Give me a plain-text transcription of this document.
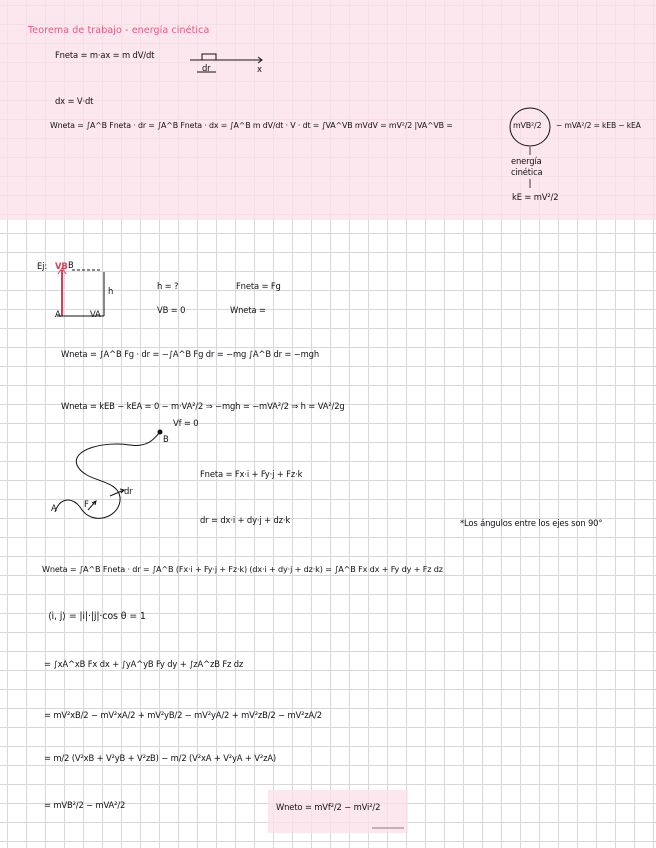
Teorema de trabajo - energía cinética
Fneta = m·ax = m dV/dt
dr	x
dx = V·dt
Wneta = ∫A^B Fneta · dr = ∫A^B Fneta · dx = ∫A^B m dV/dt · V · dt = ∫VA^VB mVdV = mV²/2 |VA^VB =	mVB²/2 − mVA²/2 = kEB − kEA
energía
cinética
kE = mV²/2
Ej: VB B
A
h
VA
h = ?
VB = 0
Fneta = Fg
Wneta =
Wneta = ∫A^B Fg · dr = −∫A^B Fg dr = −mg ∫A^B dr = −mgh
Wneta = kEB − kEA = 0 − m·VA²/2 ⇒ −mgh = −mVA²/2 ⇒ h = VA²/2g
Vf = 0
B
A
dr
F
Fneta = Fx·i + Fy·j + Fz·k
dr = dx·i + dy·j + dz·k	*Los ángulos entre los ejes son 90°
Wneta = ∫A^B Fneta · dr = ∫A^B (Fx·i + Fy·j + Fz·k) (dx·i + dy·j + dz·k) = ∫A^B Fx dx + Fy dy + Fz dz
⟨i, j⟩ = |i|·|j|·cos θ = 1
= ∫xA^xB Fx dx + ∫yA^yB Fy dy + ∫zA^zB Fz dz
= mV²xB/2 − mV²xA/2 + mV²yB/2 − mV²yA/2 + mV²zB/2 − mV²zA/2
= m/2 (V²xB + V²yB + V²zB) − m/2 (V²xA + V²yA + V²zA)
= mVB²/2 − mVA²/2	Wneto = mVf²/2 − mVi²/2
